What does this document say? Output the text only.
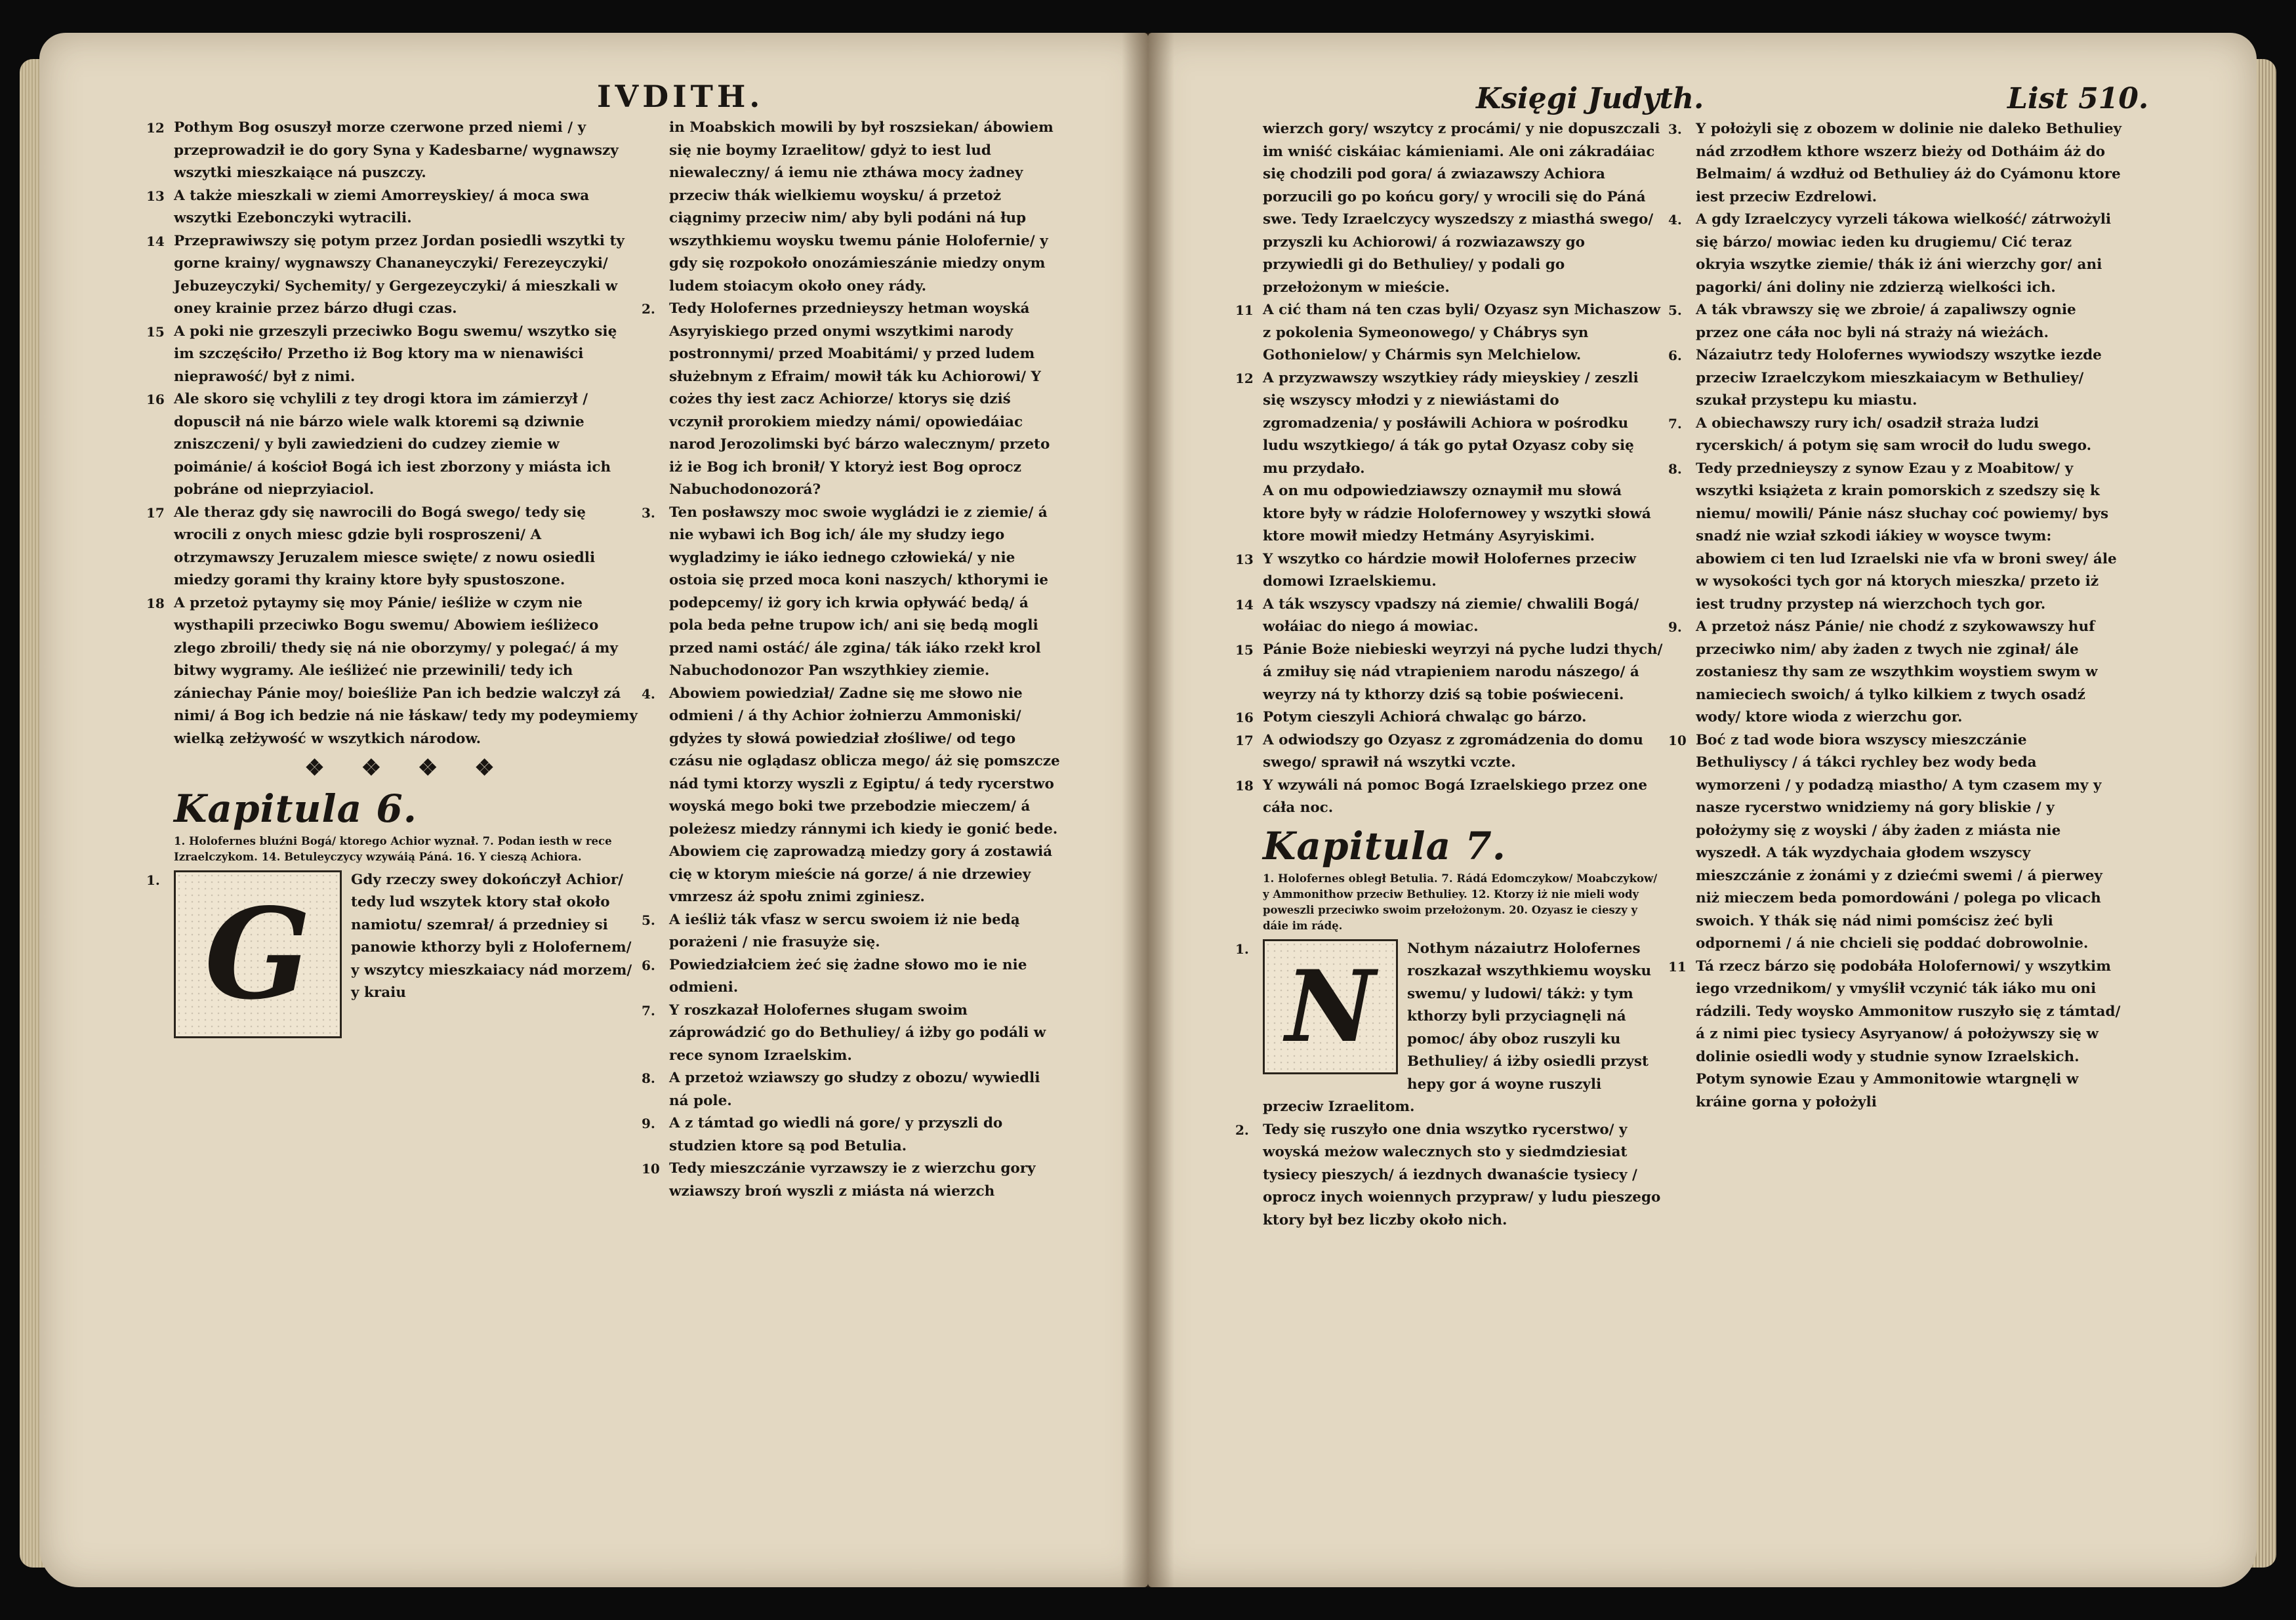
IVDITH.
12 Pothym Bog osuszył morze czerwone przed niemi / y przeprowadził ie do gory Syna y Kadesbarne/ wygnawszy wszytki mieszkaiące ná puszczy.
13 A także mieszkali w ziemi Amorreyskiey/ á moca swa wszytki Ezebonczyki wytracili.
14 Przeprawiwszy się potym przez Jordan posiedli wszytki ty gorne krainy/ wygnawszy Chananeyczyki/ Ferezeyczyki/ Jebuzeyczyki/ Sychemity/ y Gergezeyczyki/ á mieszkali w oney krainie przez bárzo długi czas.
15 A poki nie grzeszyli przeciwko Bogu swemu/ wszytko się im szczęściło/ Przetho iż Bog ktory ma w nienawiści nieprawość/ był z nimi.
16 Ale skoro się vchylili z tey drogi ktora im zámierzył / dopuscił ná nie bárzo wiele walk ktoremi są dziwnie zniszczeni/ y byli zawiedzieni do cudzey ziemie w poimánie/ á kościoł Bogá ich iest zborzony y miásta ich pobráne od nieprzyiaciol.
17 Ale theraz gdy się nawrocili do Bogá swego/ tedy się wrocili z onych miesc gdzie byli rosproszeni/ A otrzymawszy Jeruzalem miesce swięte/ z nowu osiedli miedzy gorami thy krainy ktore były spustoszone.
18 A przetoż pytaymy się moy Pánie/ ieśliże w czym nie wysthapili przeciwko Bogu swemu/ Abowiem ieśliżeco zlego zbroili/ thedy się ná nie oborzymy/ y polegać/ á my bitwy wygramy. Ale ieśliżeć nie przewinili/ tedy ich zániechay Pánie moy/ boieśliże Pan ich bedzie walczył zá nimi/ á Bog ich bedzie ná nie łáskaw/ tedy my podeymiemy wielką zełżywość w wszytkich národow.
❖ ❖ ❖ ❖
Kapitula 6.
1. Holofernes bluźni Bogá/ ktorego Achior wyznał. 7. Podan iesth w rece Izraelczykom. 14. Betuleyczycy wzywáią Páná. 16. Y cieszą Achiora.
1.
G
Gdy rzeczy swey dokończył Achior/ tedy lud wszytek ktory stał około namiotu/ szemrał/ á przedniey si panowie kthorzy byli z Holofernem/ y wszytcy mieszkaiacy nád morzem/ y kraiu
in Moabskich mowili by był roszsiekan/ ábowiem się nie boymy Izraelitow/ gdyż to iest lud niewaleczny/ á iemu nie ztháwa mocy żadney przeciw thák wielkiemu woysku/ á przetoż ciągnimy przeciw nim/ aby byli podáni ná łup wszythkiemu woysku twemu pánie Holofernie/ y gdy się rozpokoło onozámieszánie miedzy onym ludem stoiacym około oney rády.
2. Tedy Holofernes przednieyszy hetman woyská Asyryiskiego przed onymi wszytkimi narody postronnymi/ przed Moabitámi/ y przed ludem służebnym z Efraim/ mowił ták ku Achiorowi/ Y cożes thy iest zacz Achiorze/ ktorys się dziś vczynił prorokiem miedzy námi/ opowiedáiac narod Jerozolimski być bárzo walecznym/ przeto iż ie Bog ich bronił/ Y ktoryż iest Bog oprocz Nabuchodonozorá?
3. Ten posławszy moc swoie wygládzi ie z ziemie/ á nie wybawi ich Bog ich/ ále my słudzy iego wygladzimy ie iáko iednego człowieká/ y nie ostoia się przed moca koni naszych/ kthorymi ie podepcemy/ iż gory ich krwia opływáć bedą/ á pola beda pełne trupow ich/ ani się bedą mogli przed nami ostáć/ ále zgina/ ták iáko rzekł krol Nabuchodonozor Pan wszythkiey ziemie.
4. Abowiem powiedział/ Zadne się me słowo nie odmieni / á thy Achior żołnierzu Ammoniski/ gdyżes ty słowá powiedział złośliwe/ od tego czásu nie oglądasz oblicza mego/ áż się pomszcze nád tymi ktorzy wyszli z Egiptu/ á tedy rycerstwo woyská mego boki twe przebodzie mieczem/ á poleżesz miedzy ránnymi ich kiedy ie gonić bede. Abowiem cię zaprowadzą miedzy gory á zostawiá cię w ktorym mieście ná gorze/ á nie drzewiey vmrzesz áż społu znimi zginiesz.
5. A ieśliż ták vfasz w sercu swoiem iż nie bedą porażeni / nie frasuyże się.
6. Powiedziałciem żeć się żadne słowo mo ie nie odmieni.
7. Y roszkazał Holofernes sługam swoim záprowádzić go do Bethuliey/ á iżby go podáli w rece synom Izraelskim.
8. A przetoż wziawszy go słudzy z obozu/ wywiedli ná pole.
9. A z támtad go wiedli ná gore/ y przyszli do studzien ktore są pod Betulia.
10 Tedy mieszczánie vyrzawszy ie z wierzchu gory wziawszy broń wyszli z miásta ná wierzch
Księgi Judyth.	List 510.
wierzch gory/ wszytcy z procámi/ y nie dopuszczali im wniść ciskáiac kámieniami. Ale oni zákradáiac się chodzili pod gora/ á zwiazawszy Achiora porzucili go po końcu gory/ y wrocili się do Páná swe. Tedy Izraelczycy wyszedszy z miasthá swego/ przyszli ku Achiorowi/ á rozwiazawszy go przywiedli gi do Bethuliey/ y podali go przełożonym w mieście.
11 A cić tham ná ten czas byli/ Ozyasz syn Michaszow z pokolenia Symeonowego/ y Chábrys syn Gothonielow/ y Chármis syn Melchielow.
12 A przyzwawszy wszytkiey rády mieyskiey / zeszli się wszyscy młodzi y z niewiástami do zgromadzenia/ y posłáwili Achiora w pośrodku ludu wszytkiego/ á ták go pytał Ozyasz coby się mu przydało.
A on mu odpowiedziawszy oznaymił mu słowá ktore były w rádzie Holofernowey y wszytki słowá ktore mowił miedzy Hetmány Asyryiskimi.
13 Y wszytko co hárdzie mowił Holofernes przeciw domowi Izraelskiemu.
14 A ták wszyscy vpadszy ná ziemie/ chwalili Bogá/ wołáiac do niego á mowiac.
15 Pánie Boże niebieski weyrzyi ná pyche ludzi thych/ á zmiłuy się nád vtrapieniem narodu nászego/ á weyrzy ná ty kthorzy dziś są tobie poświeceni.
16 Potym cieszyli Achiorá chwaląc go bárzo.
17 A odwiodszy go Ozyasz z zgromádzenia do domu swego/ sprawił ná wszytki vczte.
18 Y wzywáli ná pomoc Bogá Izraelskiego przez one cáła noc.
Kapitula 7.
1. Holofernes obległ Betulia. 7. Rádá Edomczykow/ Moabczykow/ y Ammonithow przeciw Bethuliey. 12. Ktorzy iż nie mieli wody poweszli przeciwko swoim przełożonym. 20. Ozyasz ie cieszy y dáie im rádę.
1. N
Nothym názaiutrz Holofernes roszkazał wszythkiemu woysku swemu/ y ludowi/ tákż: y tym kthorzy byli przyciagnęli ná pomoc/ áby oboz ruszyli ku Bethuliey/ á iżby osiedli przyst hepy gor á woyne ruszyli przeciw Izraelitom.
2. Tedy się ruszyło one dnia wszytko rycerstwo/ y woyská meżow walecznych sto y siedmdziesiat tysiecy pieszych/ á iezdnych dwanaście tysiecy / oprocz inych woiennych przypraw/ y ludu pieszego ktory był bez liczby około nich.
3. Y położyli się z obozem w dolinie nie daleko Bethuliey nád zrzodłem kthore wszerz bieży od Dotháim áż do Belmaim/ á wzdłuż od Bethuliey áż do Cyámonu ktore iest przeciw Ezdrelowi.
4. A gdy Izraelczycy vyrzeli tákowa wielkość/ zátrwożyli się bárzo/ mowiac ieden ku drugiemu/ Cić teraz okryia wszytke ziemie/ thák iż áni wierzchy gor/ ani pagorki/ áni doliny nie zdzierzą wielkości ich.
5. A ták vbrawszy się we zbroie/ á zapaliwszy ognie przez one cáła noc byli ná straży ná wieżách.
6. Názaiutrz tedy Holofernes wywiodszy wszytke iezde przeciw Izraelczykom mieszkaiacym w Bethuliey/ szukał przystepu ku miastu.
7. A obiechawszy rury ich/ osadził straża ludzi rycerskich/ á potym się sam wrocił do ludu swego.
8. Tedy przednieyszy z synow Ezau y z Moabitow/ y wszytki książeta z krain pomorskich z szedszy się k niemu/ mowili/ Pánie nász słuchay coć powiemy/ bys snadź nie wział szkodi iákiey w woysce twym: abowiem ci ten lud Izraelski nie vfa w broni swey/ ále w wysokości tych gor ná ktorych mieszka/ przeto iż iest trudny przystep ná wierzchoch tych gor.
9. A przetoż nász Pánie/ nie chodź z szykowawszy huf przeciwko nim/ aby żaden z twych nie zginał/ ále zostaniesz thy sam ze wszythkim woystiem swym w namieciech swoich/ á tylko kilkiem z twych osadź wody/ ktore wioda z wierzchu gor.
10 Boć z tad wode biora wszyscy mieszczánie Bethuliyscy / á tákci rychley bez wody beda wymorzeni / y podadzą miastho/ A tym czasem my y nasze rycerstwo wnidziemy ná gory bliskie / y położymy się z woyski / áby żaden z miásta nie wyszedł. A ták wyzdychaia głodem wszyscy mieszczánie z żonámi y z dziećmi swemi / á pierwey niż mieczem beda pomordowáni / polega po vlicach swoich. Y thák się nád nimi pomścisz żeć byli odpornemi / á nie chcieli się poddać dobrowolnie.
11 Tá rzecz bárzo się podobáła Holofernowi/ y wszytkim iego vrzednikom/ y vmyślił vczynić ták iáko mu oni rádzili. Tedy woysko Ammonitow ruszyło się z támtad/ á z nimi piec tysiecy Asyryanow/ á położywszy się w dolinie osiedli wody y studnie synow Izraelskich. Potym synowie Ezau y Ammonitowie wtargnęli w kráine gorna y położyli
